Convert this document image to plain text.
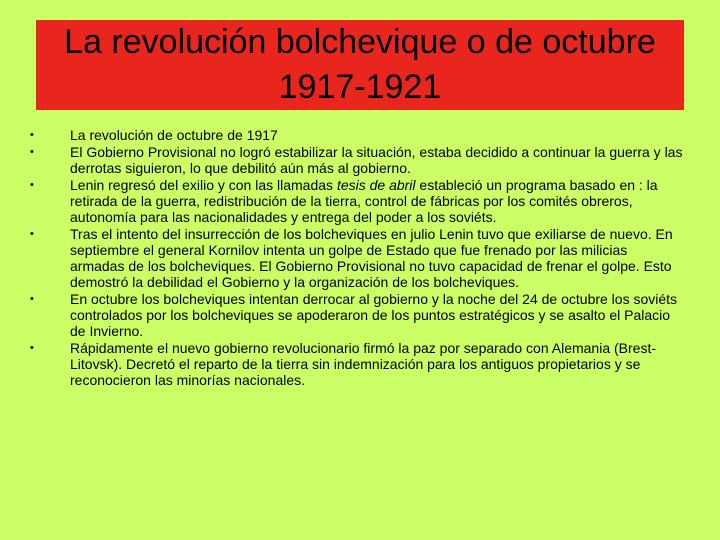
La revolución bolchevique o de octubre 1917-1921
•	La revolución de octubre de 1917
•	El Gobierno Provisional no logró estabilizar la situación, estaba decidido a continuar la guerra y las derrotas siguieron, lo que debilitó aún más al gobierno.
•	Lenin regresó del exilio y con las llamadas tesis de abril estableció un programa basado en : la retirada de la guerra, redistribución de la tierra, control de fábricas por los comités obreros, autonomía para las nacionalidades y entrega del poder a los soviéts.
•	Tras el intento del insurrección de los bolcheviques en julio Lenin tuvo que exiliarse de nuevo. En septiembre el general Kornilov intenta un golpe de Estado que fue frenado por las milicias armadas de los bolcheviques. El Gobierno Provisional no tuvo capacidad de frenar el golpe. Esto demostró la debilidad el Gobierno y la organización de los bolcheviques.
•	En octubre los bolcheviques intentan derrocar al gobierno y la noche del 24 de octubre los soviéts controlados por los bolcheviques se apoderaron de los puntos estratégicos y se asalto el Palacio de Invierno.
•	Rápidamente el nuevo gobierno revolucionario firmó la paz por separado con Alemania (Brest-Litovsk). Decretó el reparto de la tierra sin indemnización para los antiguos propietarios y se reconocieron las minorías nacionales.
